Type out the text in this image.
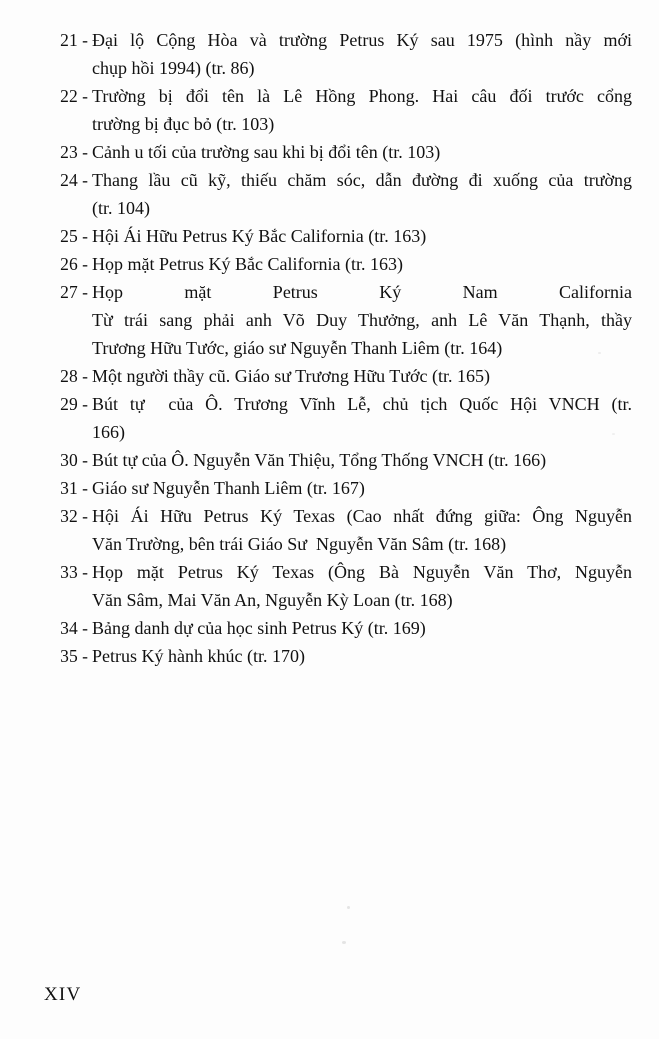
21 - Đại lộ Cộng Hòa và trường Petrus Ký sau 1975 (hình nầy mới
chụp hồi 1994) (tr. 86)
22 - Trường bị đổi tên là Lê Hồng Phong. Hai câu đối trước cổng
trường bị đục bỏ (tr. 103)
23 - Cảnh u tối của trường sau khi bị đổi tên (tr. 103)
24 - Thang lầu cũ kỹ, thiếu chăm sóc, dẫn đường đi xuống của trường
(tr. 104)
25 - Hội Ái Hữu Petrus Ký Bắc California (tr. 163)
26 - Họp mặt Petrus Ký Bắc California (tr. 163)
27 - Họp mặt Petrus Ký Nam California
Từ trái sang phải anh Võ Duy Thưởng, anh Lê Văn Thạnh, thầy
Trương Hữu Tước, giáo sư Nguyễn Thanh Liêm (tr. 164)
28 - Một người thầy cũ. Giáo sư Trương Hữu Tước (tr. 165)
29 - Bút tự  của Ô. Trương Vĩnh Lễ, chủ tịch Quốc Hội VNCH (tr.
166)
30 - Bút tự của Ô. Nguyễn Văn Thiệu, Tổng Thống VNCH (tr. 166)
31 - Giáo sư Nguyễn Thanh Liêm (tr. 167)
32 - Hội Ái Hữu Petrus Ký Texas (Cao nhất đứng giữa: Ông Nguyễn
Văn Trường, bên trái Giáo Sư  Nguyễn Văn Sâm (tr. 168)
33 - Họp mặt Petrus Ký Texas (Ông Bà Nguyễn Văn Thơ, Nguyễn
Văn Sâm, Mai Văn An, Nguyễn Kỳ Loan (tr. 168)
34 - Bảng danh dự của học sinh Petrus Ký (tr. 169)
35 - Petrus Ký hành khúc (tr. 170)
XIV
